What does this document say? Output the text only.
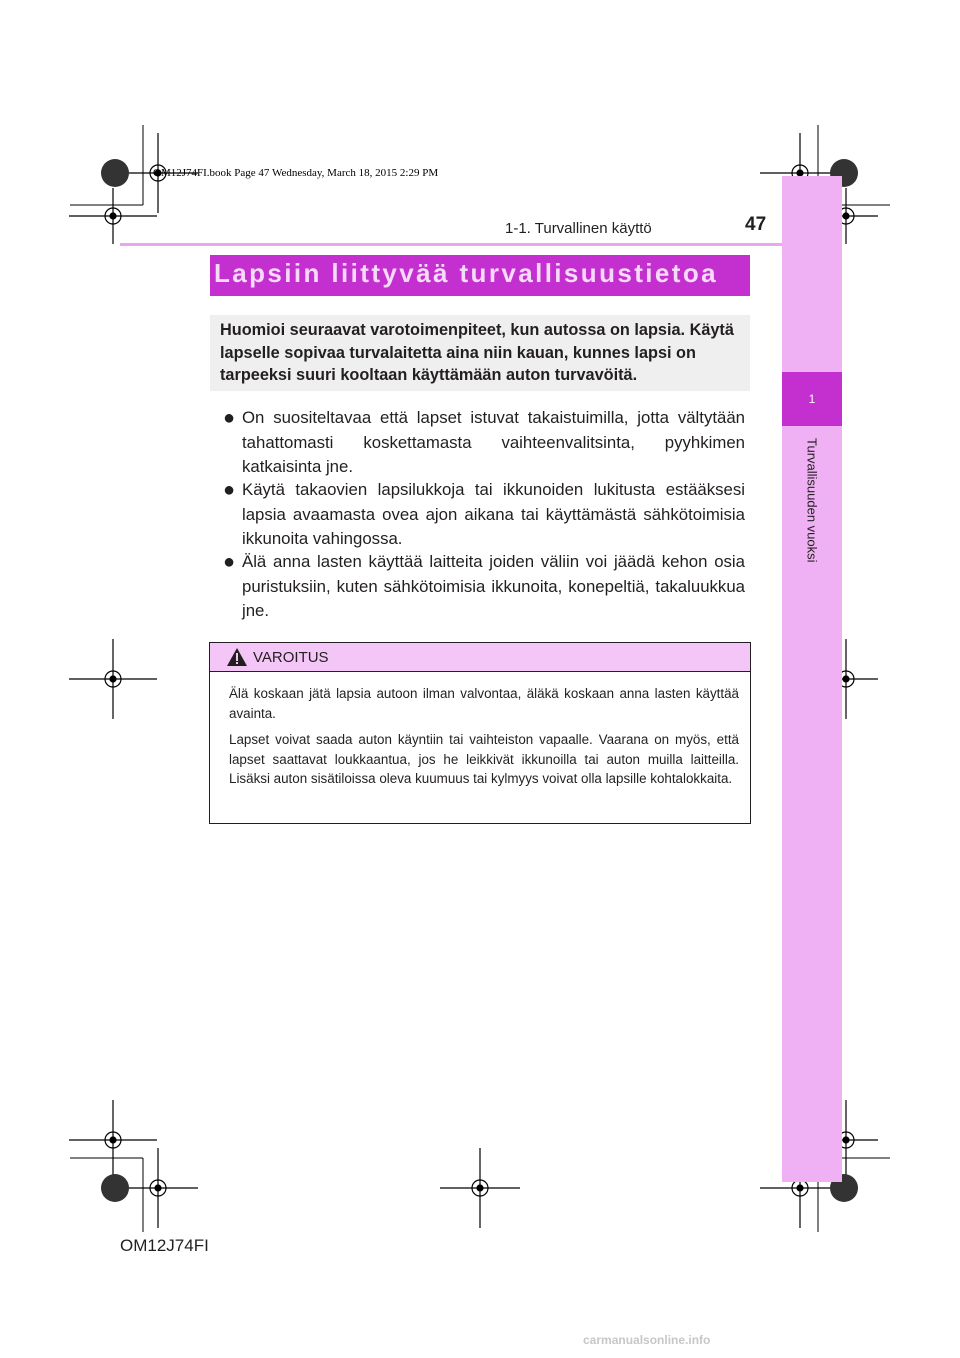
OM12J74FI.book Page 47 Wednesday, March 18, 2015 2:29 PM
1-1. Turvallinen käyttö	47
1
Turvallisuuden vuoksi
Lapsiin liittyvää turvallisuustietoa
Huomioi seuraavat varotoimenpiteet, kun autossa on lapsia. Käytä lapselle sopivaa turvalaitetta aina niin kauan, kunnes lapsi on tarpeeksi suuri kooltaan käyttämään auton turvavöitä.
● On suositeltavaa että lapset istuvat takaistuimilla, jotta vältytään tahattomasti koskettamasta vaihteenvalitsinta, pyyhkimen katkaisinta jne.
● Käytä takaovien lapsilukkoja tai ikkunoiden lukitusta estääksesi lapsia avaamasta ovea ajon aikana tai käyttämästä sähkötoimisia ikkunoita vahingossa.
● Älä anna lasten käyttää laitteita joiden väliin voi jäädä kehon osia puristuksiin, kuten sähkötoimisia ikkunoita, konepeltiä, takaluukkua jne.
VAROITUS
Älä koskaan jätä lapsia autoon ilman valvontaa, äläkä koskaan anna lasten käyttää avainta.
Lapset voivat saada auton käyntiin tai vaihteiston vapaalle. Vaarana on myös, että lapset saattavat loukkaantua, jos he leikkivät ikkunoilla tai auton muilla laitteilla. Lisäksi auton sisätiloissa oleva kuumuus tai kylmyys voivat olla lapsille kohtalokkaita.
OM12J74FI
carmanualsonline.info
